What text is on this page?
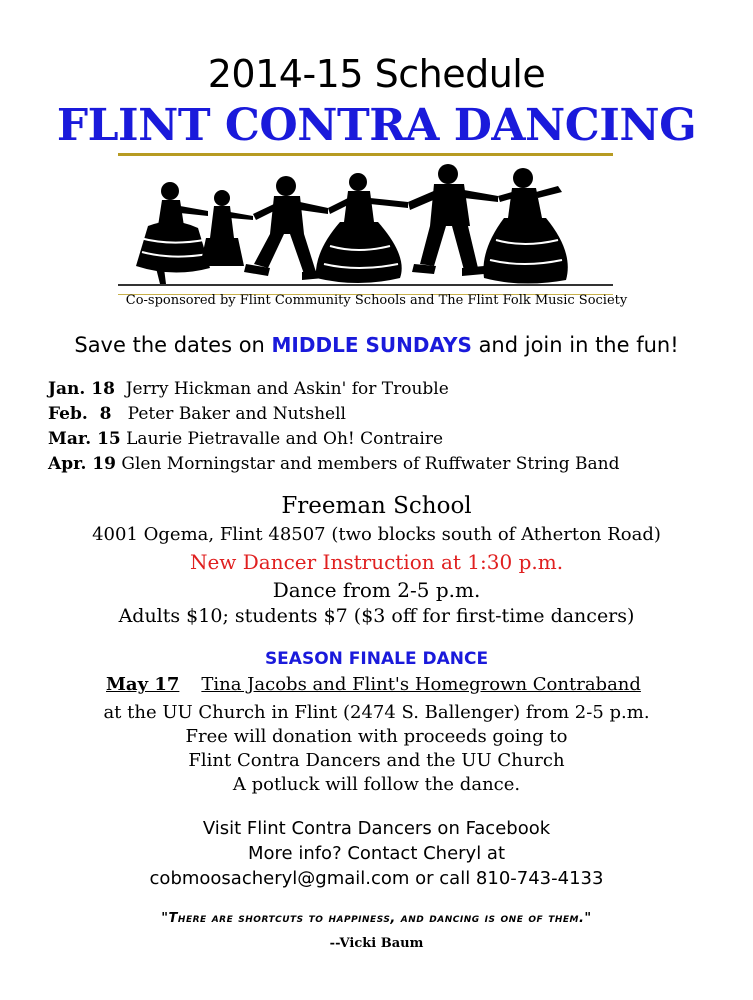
2014-15 Schedule
FLINT CONTRA DANCING
Co-sponsored by Flint Community Schools and The Flint Folk Music Society
Save the dates on MIDDLE SUNDAYS and join in the fun!
Jan. 18 Jerry Hickman and Askin' for Trouble
Feb.  8 Peter Baker and Nutshell
Mar. 15 Laurie Pietravalle and Oh! Contraire
Apr. 19 Glen Morningstar and members of Ruffwater String Band
Freeman School
4001 Ogema, Flint 48507 (two blocks south of Atherton Road)
New Dancer Instruction at 1:30 p.m.
Dance from 2-5 p.m.
Adults $10; students $7 ($3 off for first-time dancers)
SEASON FINALE DANCE
May 17 Tina Jacobs and Flint's Homegrown Contraband
at the UU Church in Flint (2474 S. Ballenger) from 2-5 p.m.
Free will donation with proceeds going to
Flint Contra Dancers and the UU Church
A potluck will follow the dance.
Visit Flint Contra Dancers on Facebook
More info? Contact Cheryl at
cobmoosacheryl@gmail.com or call 810-743-4133
"There are shortcuts to happiness, and dancing is one of them."
--Vicki Baum
